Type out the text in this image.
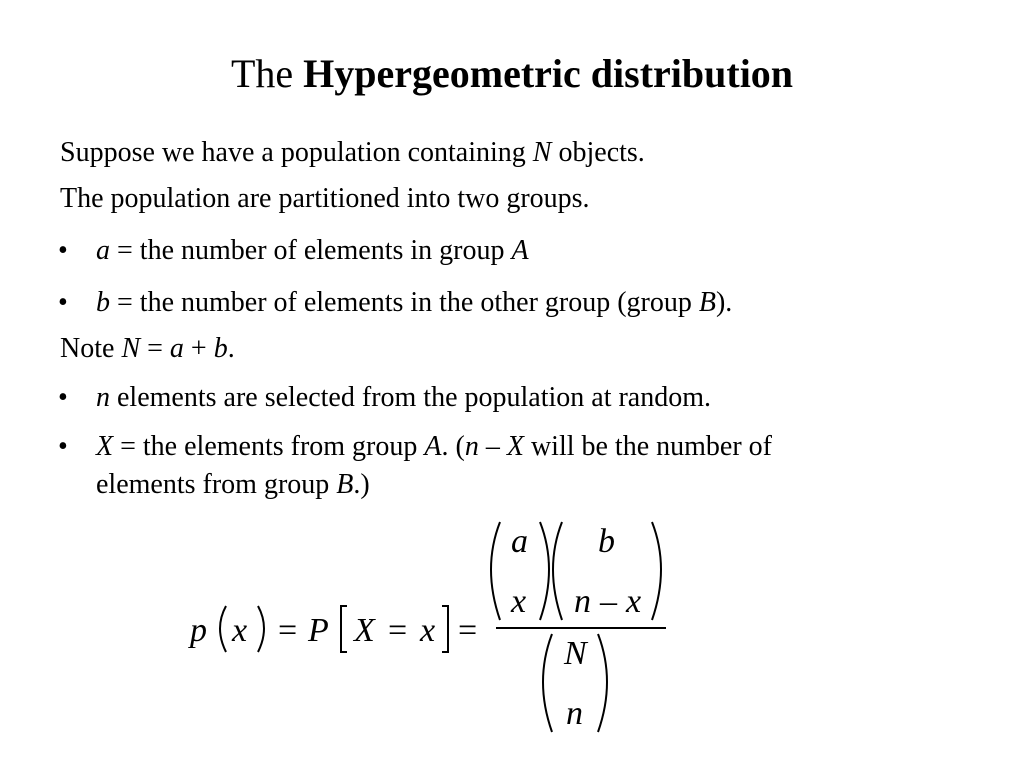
The Hypergeometric distribution
Suppose we have a population containing N objects.
The population are partitioned into two groups.
• a = the number of elements in group A
• b = the number of elements in the other group (group B).
Note N = a + b.
• n elements are selected from the population at random.
• X = the elements from group A. (n – X will be the number of
elements from group B.)
p x P X x
a
x
b
n x
N
n
=	= =
–
